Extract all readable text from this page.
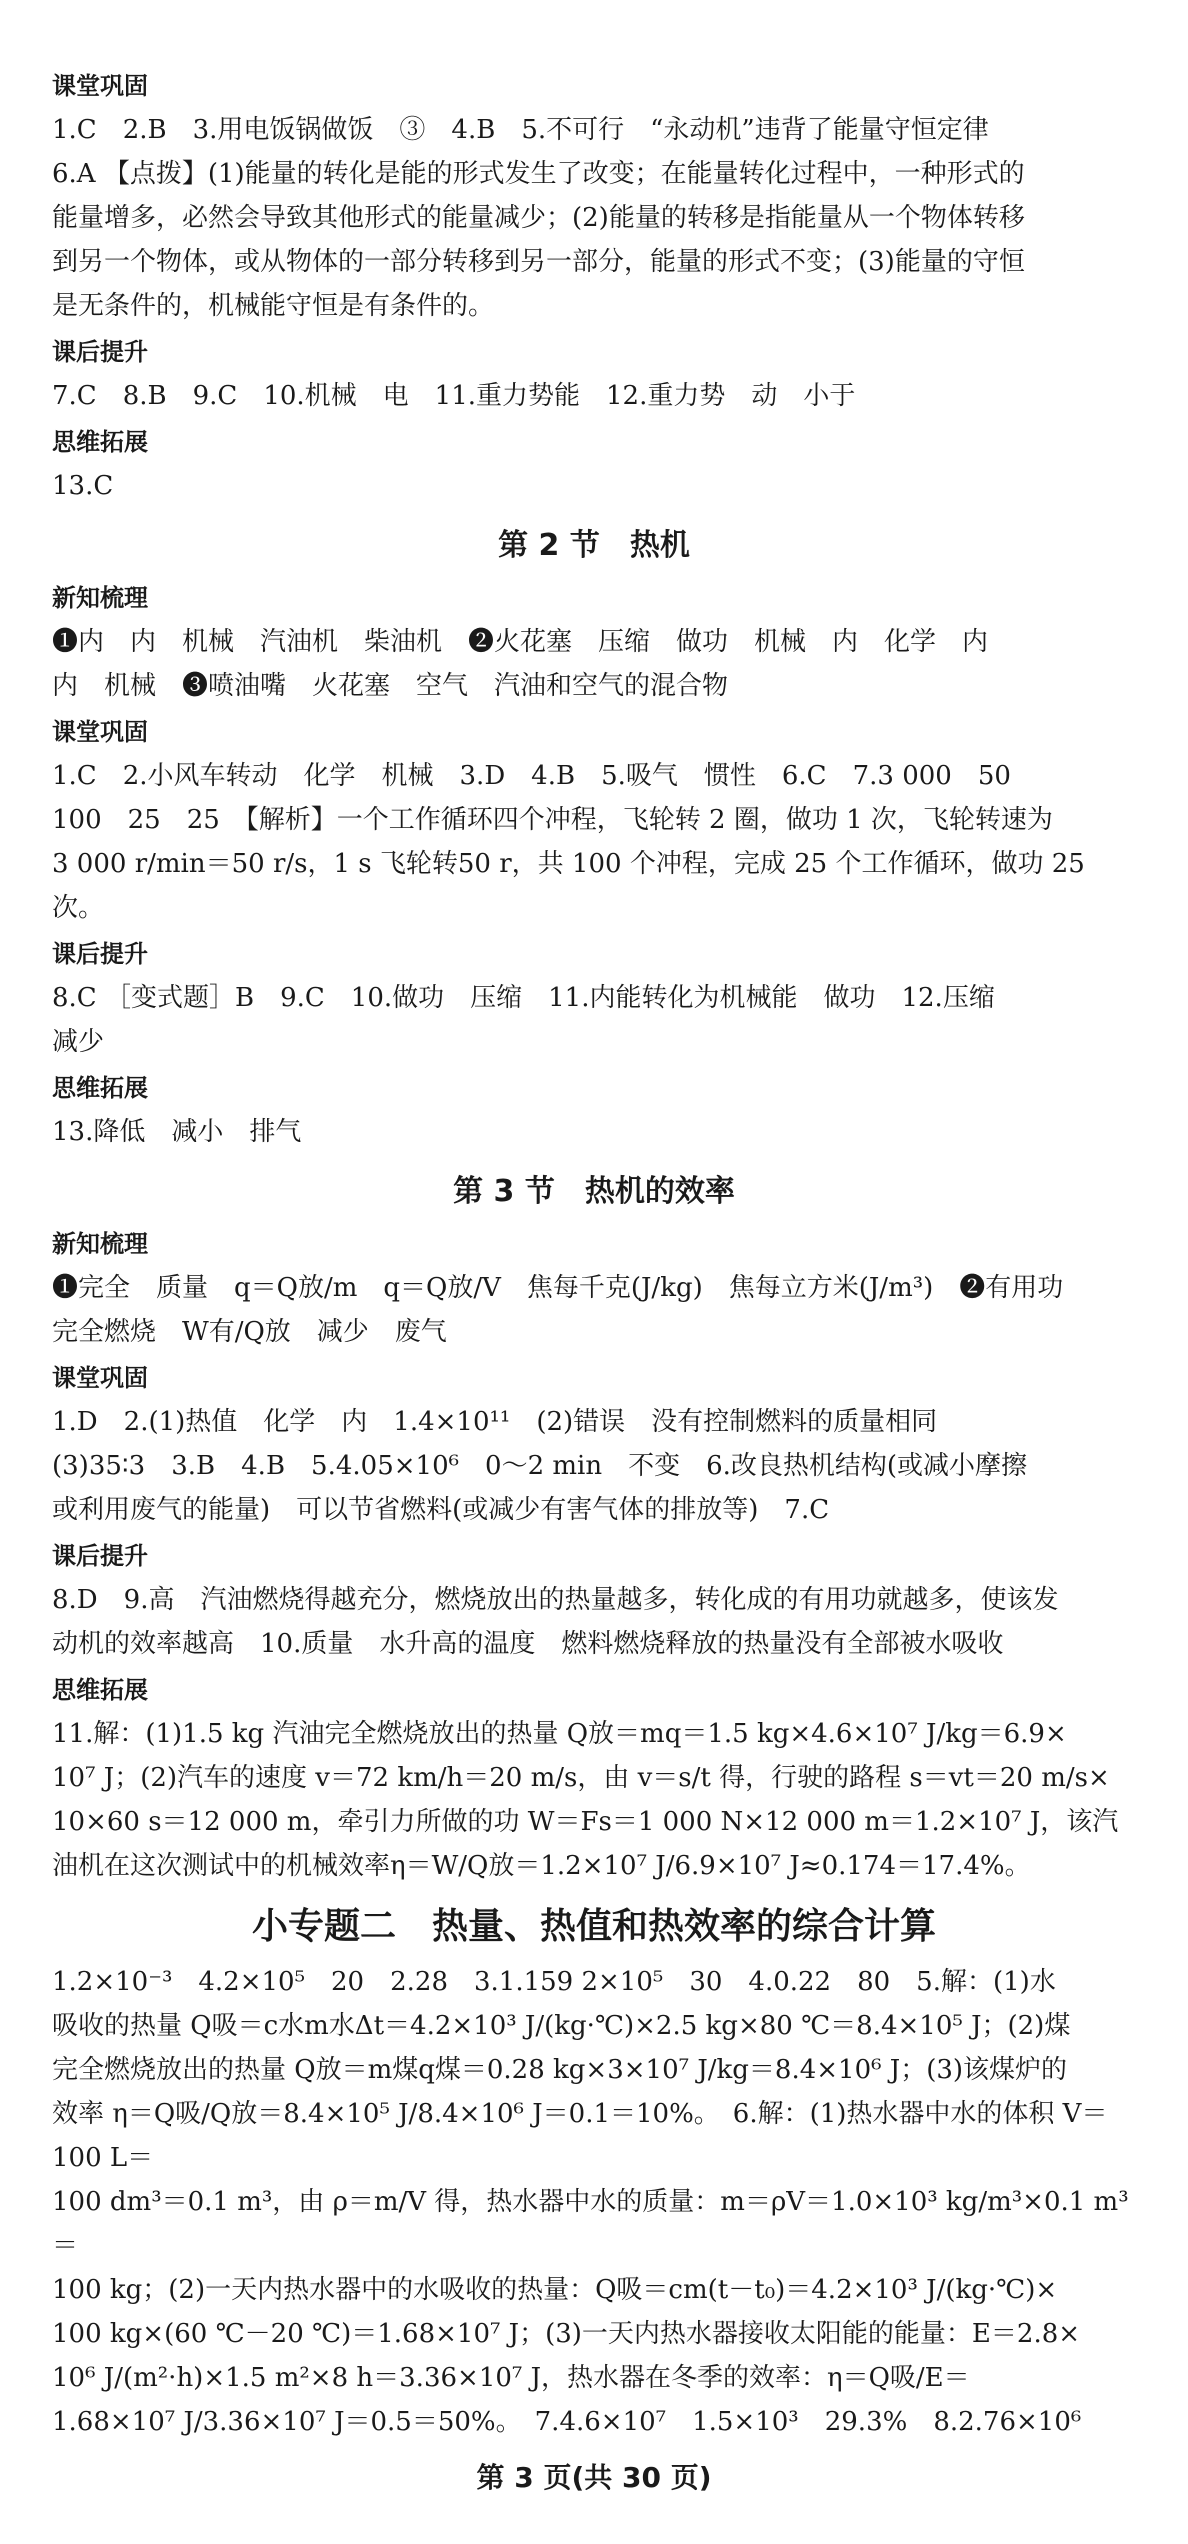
课堂巩固
1.C　2.B　3.用电饭锅做饭　③　4.B　5.不可行　“永动机”违背了能量守恒定律
6.A 【点拨】(1)能量的转化是能的形式发生了改变；在能量转化过程中，一种形式的
能量增多，必然会导致其他形式的能量减少；(2)能量的转移是指能量从一个物体转移
到另一个物体，或从物体的一部分转移到另一部分，能量的形式不变；(3)能量的守恒
是无条件的，机械能守恒是有条件的。
课后提升
7.C　8.B　9.C　10.机械　电　11.重力势能　12.重力势　动　小于
思维拓展
13.C
第 2 节　热机
新知梳理
❶内　内　机械　汽油机　柴油机　❷火花塞　压缩　做功　机械　内　化学　内
内　机械　❸喷油嘴　火花塞　空气　汽油和空气的混合物
课堂巩固
1.C　2.小风车转动　化学　机械　3.D　4.B　5.吸气　惯性　6.C　7.3 000　50
100　25　25　【解析】一个工作循环四个冲程，飞轮转 2 圈，做功 1 次，飞轮转速为
3 000 r/min＝50 r/s，1 s 飞轮转50 r，共 100 个冲程，完成 25 个工作循环，做功 25 次。
课后提升
8.C ［变式题］B　9.C　10.做功　压缩　11.内能转化为机械能　做功　12.压缩
减少
思维拓展
13.降低　减小　排气
第 3 节　热机的效率
新知梳理
❶完全　质量　q＝Q放/m　q＝Q放/V　焦每千克(J/kg)　焦每立方米(J/m³)　❷有用功
完全燃烧　W有/Q放　减少　废气
课堂巩固
1.D　2.(1)热值　化学　内　1.4×10¹¹　(2)错误　没有控制燃料的质量相同
(3)35∶3　3.B　4.B　5.4.05×10⁶　0～2 min　不变　6.改良热机结构(或减小摩擦
或利用废气的能量)　可以节省燃料(或减少有害气体的排放等)　7.C
课后提升
8.D　9.高　汽油燃烧得越充分，燃烧放出的热量越多，转化成的有用功就越多，使该发
动机的效率越高　10.质量　水升高的温度　燃料燃烧释放的热量没有全部被水吸收
思维拓展
11.解：(1)1.5 kg 汽油完全燃烧放出的热量 Q放＝mq＝1.5 kg×4.6×10⁷ J/kg＝6.9×
10⁷ J；(2)汽车的速度 v＝72 km/h＝20 m/s，由 v＝s/t 得，行驶的路程 s＝vt＝20 m/s×
10×60 s＝12 000 m，牵引力所做的功 W＝Fs＝1 000 N×12 000 m＝1.2×10⁷ J，该汽
油机在这次测试中的机械效率η＝W/Q放＝1.2×10⁷ J/6.9×10⁷ J≈0.174＝17.4%。
小专题二　热量、热值和热效率的综合计算
1.2×10⁻³　4.2×10⁵　20　2.28　3.1.159 2×10⁵　30　4.0.22　80　5.解：(1)水
吸收的热量 Q吸＝c水m水Δt＝4.2×10³ J/(kg·℃)×2.5 kg×80 ℃＝8.4×10⁵ J；(2)煤
完全燃烧放出的热量 Q放＝m煤q煤＝0.28 kg×3×10⁷ J/kg＝8.4×10⁶ J；(3)该煤炉的
效率 η＝Q吸/Q放＝8.4×10⁵ J/8.4×10⁶ J＝0.1＝10%。　6.解：(1)热水器中水的体积 V＝100 L＝
100 dm³＝0.1 m³，由 ρ＝m/V 得，热水器中水的质量：m＝ρV＝1.0×10³ kg/m³×0.1 m³＝
100 kg；(2)一天内热水器中的水吸收的热量：Q吸＝cm(t－t₀)＝4.2×10³ J/(kg·℃)×
100 kg×(60 ℃－20 ℃)＝1.68×10⁷ J；(3)一天内热水器接收太阳能的能量：E＝2.8×
10⁶ J/(m²·h)×1.5 m²×8 h＝3.36×10⁷ J，热水器在冬季的效率：η＝Q吸/E＝
1.68×10⁷ J/3.36×10⁷ J＝0.5＝50%。　7.4.6×10⁷　1.5×10³　29.3%　8.2.76×10⁶
第 3 页(共 30 页)
